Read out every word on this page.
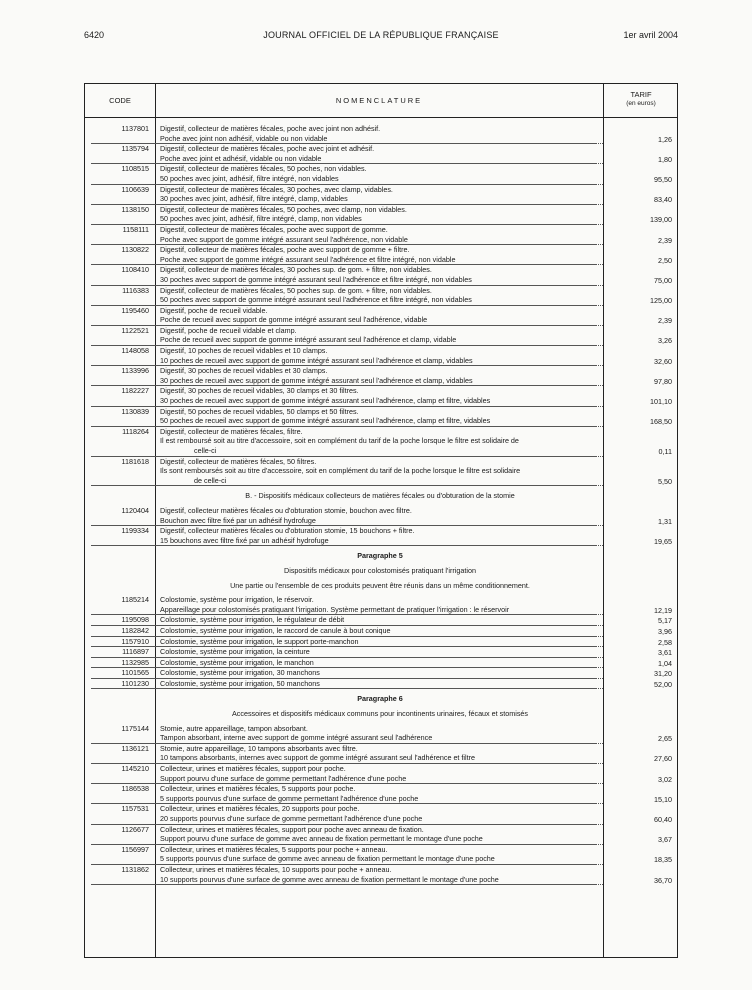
6420	JOURNAL OFFICIEL DE LA RÉPUBLIQUE FRANÇAISE	1er avril 2004
CODE	NOMENCLATURE
TARIF
(en euros)
1137801	Digestif, collecteur de matières fécales, poche avec joint non adhésif.
Poche avec joint non adhésif, vidable ou non vidable	1,26
1135794	Digestif, collecteur de matières fécales, poche avec joint et adhésif.
Poche avec joint et adhésif, vidable ou non vidable	1,80
1108515	Digestif, collecteur de matières fécales, 50 poches, non vidables.
50 poches avec joint, adhésif, filtre intégré, non vidables	95,50
1106639	Digestif, collecteur de matières fécales, 30 poches, avec clamp, vidables.
30 poches avec joint, adhésif, filtre intégré, clamp, vidables	83,40
1138150	Digestif, collecteur de matières fécales, 50 poches, avec clamp, non vidables.
50 poches avec joint, adhésif, filtre intégré, clamp, non vidables	139,00
1158111	Digestif, collecteur de matières fécales, poche avec support de gomme.
Poche avec support de gomme intégré assurant seul l'adhérence, non vidable	2,39
1130822	Digestif, collecteur de matières fécales, poche avec support de gomme + filtre.
Poche avec support de gomme intégré assurant seul l'adhérence et filtre intégré, non vidable	2,50
1108410	Digestif, collecteur de matières fécales, 30 poches sup. de gom. + filtre, non vidables.
30 poches avec support de gomme intégré assurant seul l'adhérence et filtre intégré, non vidables	75,00
1116383	Digestif, collecteur de matières fécales, 50 poches sup. de gom. + filtre, non vidables.
50 poches avec support de gomme intégré assurant seul l'adhérence et filtre intégré, non vidables	125,00
1195460	Digestif, poche de recueil vidable.
Poche de recueil avec support de gomme intégré assurant seul l'adhérence, vidable	2,39
1122521	Digestif, poche de recueil vidable et clamp.
Poche de recueil avec support de gomme intégré assurant seul l'adhérence et clamp, vidable	3,26
1148058	Digestif, 10 poches de recueil vidables et 10 clamps.
10 poches de recueil avec support de gomme intégré assurant seul l'adhérence et clamp, vidables	32,60
1133996	Digestif, 30 poches de recueil vidables et 30 clamps.
30 poches de recueil avec support de gomme intégré assurant seul l'adhérence et clamp, vidables	97,80
1182227	Digestif, 30 poches de recueil vidables, 30 clamps et 30 filtres.
30 poches de recueil avec support de gomme intégré assurant seul l'adhérence, clamp et filtre, vidables	101,10
1130839	Digestif, 50 poches de recueil vidables, 50 clamps et 50 filtres.
50 poches de recueil avec support de gomme intégré assurant seul l'adhérence, clamp et filtre, vidables	168,50
1118264	Digestif, collecteur de matières fécales, filtre.
Il est remboursé soit au titre d'accessoire, soit en complément du tarif de la poche lorsque le filtre est solidaire de
celle-ci	0,11
1181618	Digestif, collecteur de matières fécales, 50 filtres.
Ils sont remboursés soit au titre d'accessoire, soit en complément du tarif de la poche lorsque le filtre est solidaire
de celle-ci	5,50
B. - Dispositifs médicaux collecteurs de matières fécales ou d'obturation de la stomie
1120404	Digestif, collecteur matières fécales ou d'obturation stomie, bouchon avec filtre.
Bouchon avec filtre fixé par un adhésif hydrofuge	1,31
1199334	Digestif, collecteur matières fécales ou d'obturation stomie, 15 bouchons + filtre.
15 bouchons avec filtre fixé par un adhésif hydrofuge	19,65
Paragraphe 5
Dispositifs médicaux pour colostomisés pratiquant l'irrigation
Une partie ou l'ensemble de ces produits peuvent être réunis dans un même conditionnement.
1185214	Colostomie, système pour irrigation, le réservoir.
Appareillage pour colostomisés pratiquant l'irrigation. Système permettant de pratiquer l'irrigation : le réservoir	12,19
1195098	Colostomie, système pour irrigation, le régulateur de débit	5,17
1182842	Colostomie, système pour irrigation, le raccord de canule à bout conique	3,96
1157910	Colostomie, système pour irrigation, le support porte-manchon	2,58
1116897	Colostomie, système pour irrigation, la ceinture	3,61
1132985	Colostomie, système pour irrigation, le manchon	1,04
1101565	Colostomie, système pour irrigation, 30 manchons	31,20
1101230	Colostomie, système pour irrigation, 50 manchons	52,00
Paragraphe 6
Accessoires et dispositifs médicaux communs pour incontinents urinaires, fécaux et stomisés
1175144	Stomie, autre appareillage, tampon absorbant.
Tampon absorbant, interne avec support de gomme intégré assurant seul l'adhérence	2,65
1136121	Stomie, autre appareillage, 10 tampons absorbants avec filtre.
10 tampons absorbants, internes avec support de gomme intégré assurant seul l'adhérence et filtre	27,60
1145210	Collecteur, urines et matières fécales, support pour poche.
Support pourvu d'une surface de gomme permettant l'adhérence d'une poche	3,02
1186538	Collecteur, urines et matières fécales, 5 supports pour poche.
5 supports pourvus d'une surface de gomme permettant l'adhérence d'une poche	15,10
1157531	Collecteur, urines et matières fécales, 20 supports pour poche.
20 supports pourvus d'une surface de gomme permettant l'adhérence d'une poche	60,40
1126677	Collecteur, urines et matières fécales, support pour poche avec anneau de fixation.
Support pourvu d'une surface de gomme avec anneau de fixation permettant le montage d'une poche	3,67
1156997	Collecteur, urines et matières fécales, 5 supports pour poche + anneau.
5 supports pourvus d'une surface de gomme avec anneau de fixation permettant le montage d'une poche	18,35
1131862	Collecteur, urines et matières fécales, 10 supports pour poche + anneau.
10 supports pourvus d'une surface de gomme avec anneau de fixation permettant le montage d'une poche	36,70
